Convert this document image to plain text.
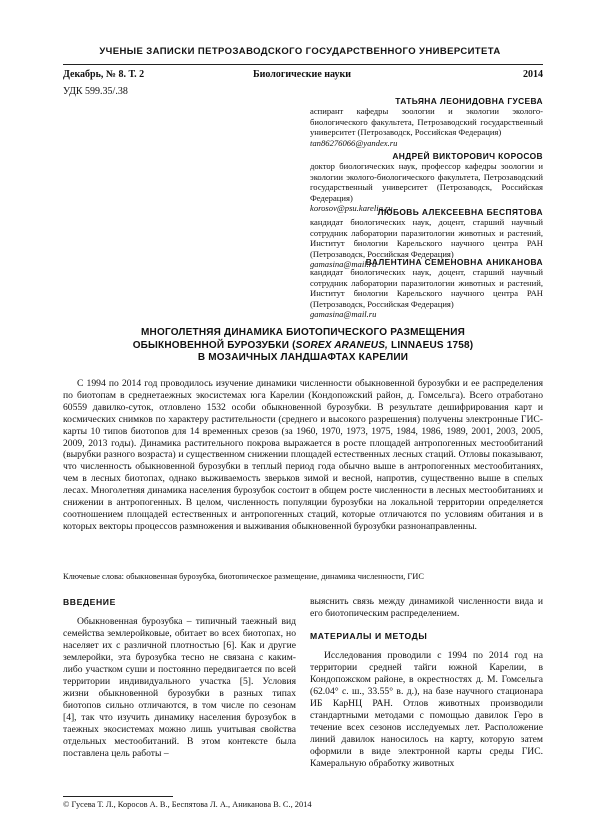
УЧЕНЫЕ ЗАПИСКИ ПЕТРОЗАВОДСКОГО ГОСУДАРСТВЕННОГО УНИВЕРСИТЕТА
Декабрь, № 8. Т. 2	Биологические науки	2014
УДК 599.35/.38
ТАТЬЯНА ЛЕОНИДОВНА ГУСЕВА
аспирант кафедры зоологии и экологии эколого-биологического факультета, Петрозаводский государственный университет (Петрозаводск, Российская Федерация)
tan86276066@yandex.ru
АНДРЕЙ ВИКТОРОВИЧ КОРОСОВ
доктор биологических наук, профессор кафедры зоологии и экологии эколого-биологического факультета, Петрозаводский государственный университет (Петрозаводск, Российская Федерация)
korosov@psu.karelia.ru
ЛЮБОВЬ АЛЕКСЕЕВНА БЕСПЯТОВА
кандидат биологических наук, доцент, старший научный сотрудник лаборатории паразитологии животных и растений, Институт биологии Карельского научного центра РАН (Петрозаводск, Российская Федерация)
gamasina@mail.ru
ВАЛЕНТИНА СЕМЕНОВНА АНИКАНОВА
кандидат биологических наук, доцент, старший научный сотрудник лаборатории паразитологии животных и растений, Институт биологии Карельского научного центра РАН (Петрозаводск, Российская Федерация)
gamasina@mail.ru
МНОГОЛЕТНЯЯ ДИНАМИКА БИОТОПИЧЕСКОГО РАЗМЕЩЕНИЯ
ОБЫКНОВЕННОЙ БУРОЗУБКИ (SOREX ARANEUS, LINNAEUS 1758)
В МОЗАИЧНЫХ ЛАНДШАФТАХ КАРЕЛИИ
С 1994 по 2014 год проводилось изучение динамики численности обыкновенной бурозубки и ее распределения по биотопам в среднетаежных экосистемах юга Карелии (Кондопожский район, д. Гомсельга). Всего отработано 60559 давилко-суток, отловлено 1532 особи обыкновенной бурозубки. В результате дешифрирования карт и космических снимков по характеру растительности (среднего и высокого разрешения) получены электронные ГИС-карты 10 типов биотопов для 14 временных срезов (за 1960, 1970, 1973, 1975, 1984, 1986, 1989, 2001, 2003, 2005, 2009, 2013 годы). Динамика растительного покрова выражается в росте площадей антропогенных местообитаний (вырубки разного возраста) и существенном снижении площадей естественных лесных стаций. Отловы показывают, что численность обыкновенной бурозубки в теплый период года обычно выше в антропогенных местообитаниях, чем в лесных биотопах, однако выживаемость зверьков зимой и весной, напротив, существенно выше в спелых лесах. Многолетняя динамика населения бурозубок состоит в общем росте численности в лесных местообитаниях и снижении в антропогенных. В целом, численность популяции бурозубки на локальной территории определяется соотношением площадей естественных и антропогенных стаций, которые отличаются по условиям обитания и в которых векторы процессов размножения и выживания обыкновенной бурозубки разнонаправленны.
Ключевые слова: обыкновенная бурозубка, биотопическое размещение, динамика численности, ГИС
ВВЕДЕНИЕ

Обыкновенная бурозубка – типичный таежный вид семейства землеройковые, обитает во всех биотопах, но населяет их с различной плотностью [6]. Как и другие землеройки, эта бурозубка тесно не связана с каким-либо участком суши и постоянно передвигается по всей территории индивидуального участка [5]. Условия жизни обыкновенной бурозубки в разных типах биотопов сильно отличаются, в том числе по сезонам [4], так что изучить динамику населения бурозубок в таежных экосистемах можно лишь учитывая свойства отдельных местообитаний. В этом контексте была поставлена цель работы –

выяснить связь между динамикой численности вида и его биотопическим распределением.

МАТЕРИАЛЫ И МЕТОДЫ

Исследования проводили с 1994 по 2014 год на территории средней тайги южной Карелии, в Кондопожском районе, в окрестностях д. М. Гомсельга (62.04° с. ш., 33.55° в. д.), на базе научного стационара ИБ КарНЦ РАН. Отлов животных производили стандартными методами с помощью давилок Геро в течение всех сезонов исследуемых лет. Расположение линий давилок наносилось на карту, которую затем оформили в виде электронной карты среды ГИС. Камеральную обработку животных

© Гусева Т. Л., Коросов А. В., Беспятова Л. А., Аниканова В. С., 2014
